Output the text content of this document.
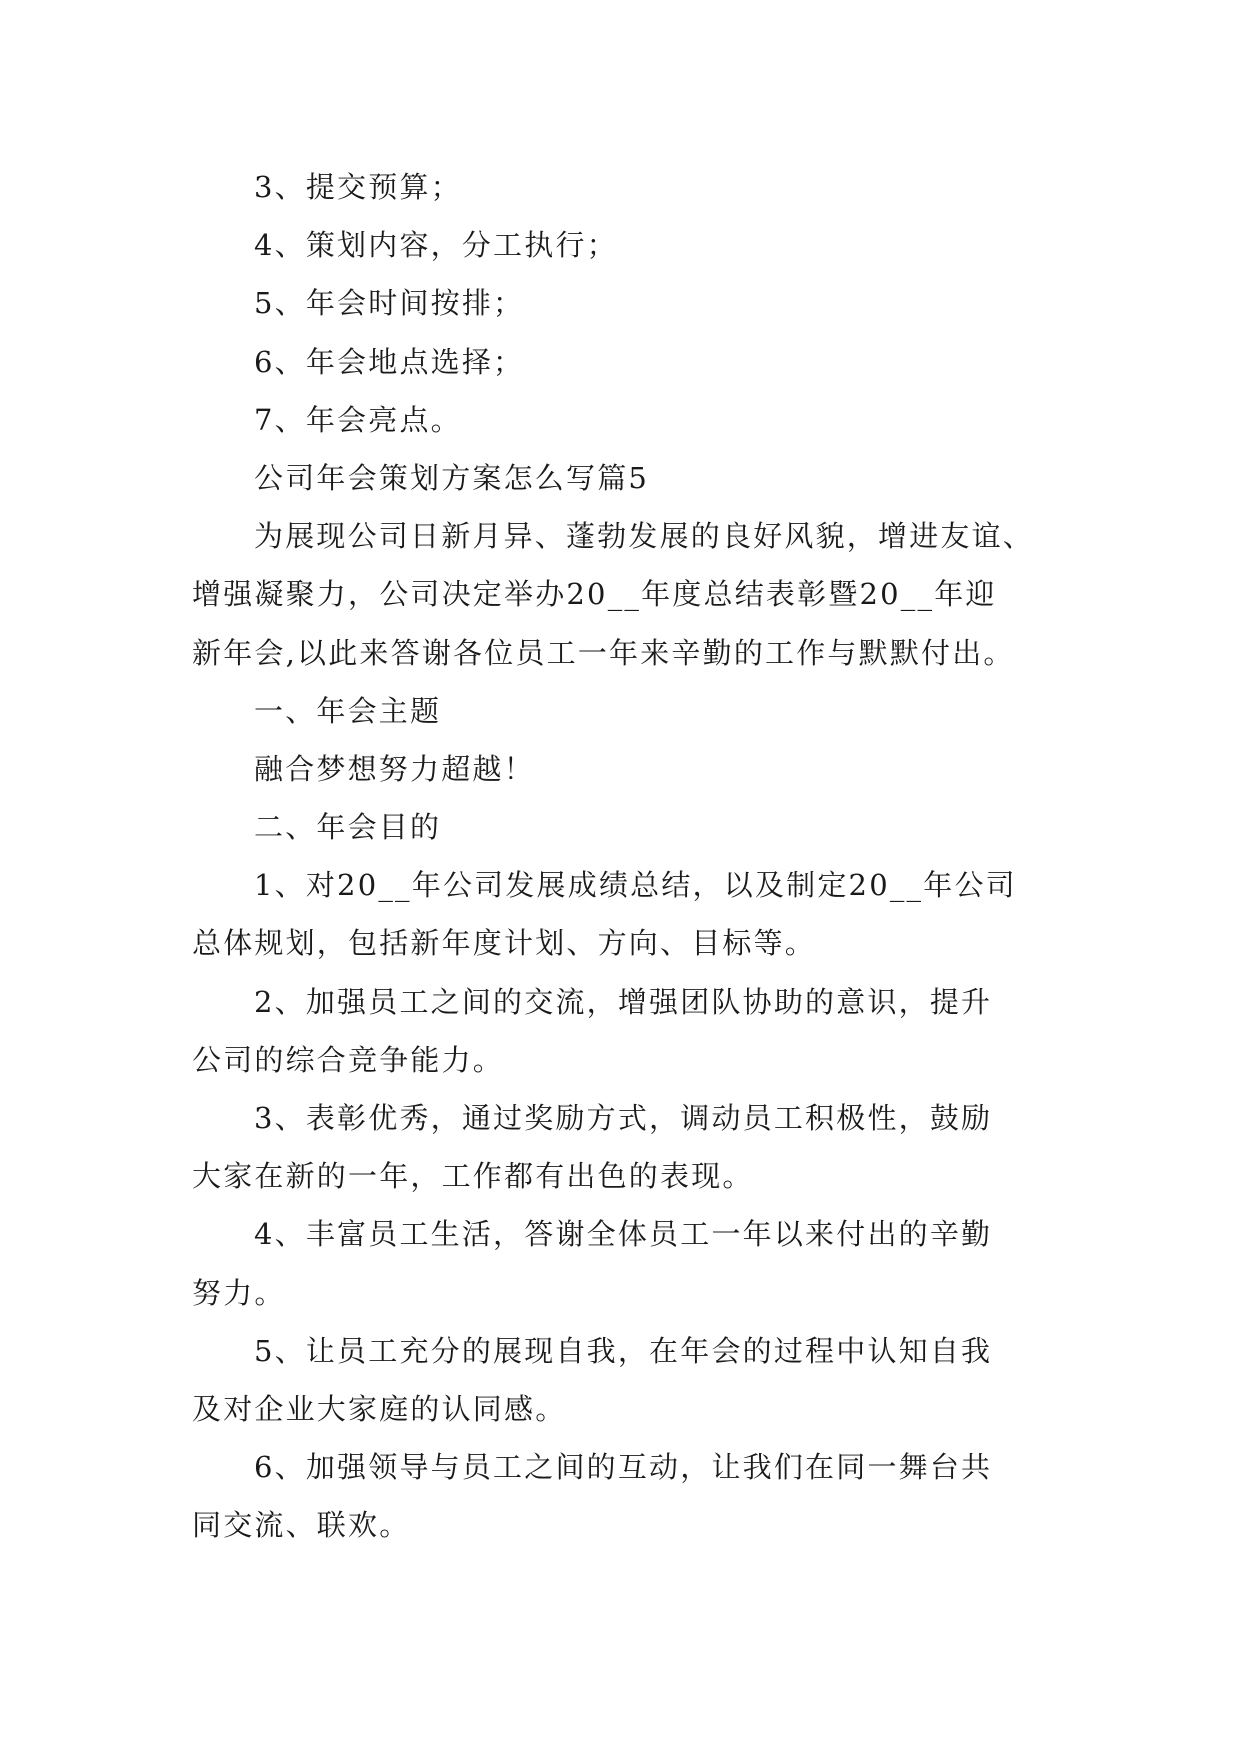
3、提交预算；
4、策划内容，分工执行；
5、年会时间按排；
6、年会地点选择；
7、年会亮点。
公司年会策划方案怎么写篇5
为展现公司日新月异、蓬勃发展的良好风貌，增进友谊、
增强凝聚力，公司决定举办20__年度总结表彰暨20__年迎
新年会,以此来答谢各位员工一年来辛勤的工作与默默付出。
一、年会主题
融合梦想努力超越！
二、年会目的
1、对20__年公司发展成绩总结，以及制定20__年公司
总体规划，包括新年度计划、方向、目标等。
2、加强员工之间的交流，增强团队协助的意识，提升
公司的综合竞争能力。
3、表彰优秀，通过奖励方式，调动员工积极性，鼓励
大家在新的一年，工作都有出色的表现。
4、丰富员工生活，答谢全体员工一年以来付出的辛勤
努力。
5、让员工充分的展现自我，在年会的过程中认知自我
及对企业大家庭的认同感。
6、加强领导与员工之间的互动，让我们在同一舞台共
同交流、联欢。
